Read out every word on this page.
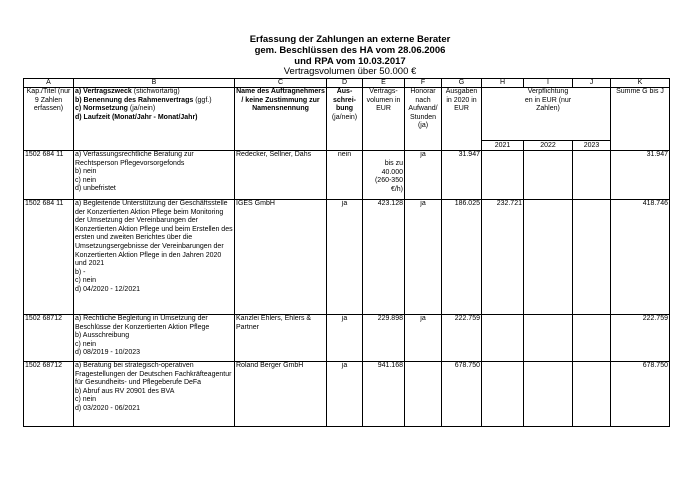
Erfassung der Zahlungen an externe Berater
gem. Beschlüssen des HA vom 28.06.2006
und RPA vom 10.03.2017
Vertragsvolumen über 50.000 €
A	B	C	D	E	F	G	H	I	J	K
Kap./Titel (nur 9 Zahlen erfassen)	a) Vertragszweck (stichwortartig)
b) Benennung des Rahmenvertrags (ggf.)
c) Normsetzung (ja/nein)
d) Laufzeit (Monat/Jahr - Monat/Jahr)	Name des Auftragnehmers / keine Zustimmung zur Namensnennung	Aus-schrei-bung
(ja/nein)	Vertrags-volumen in EUR	Honorar nach Aufwand/ Stunden
(ja)	Ausgaben in 2020 in EUR		Verpflichtung en in EUR (nur Zahlen)		Summe G bis J
							2021	2022	2023	
1502 684 11	a) Verfassungsrechtliche Beratung zur Rechtsperson Pflegevorsorgefonds
b) nein
c) nein
d) unbefristet	Redecker, Sellner, Dahs	nein	bis zu 40.000 (260-350 €/h)	ja	31.947				31.947
1502 684 11	a) Begleitende Unterstützung der Geschäftsstelle der Konzertierten Aktion Pflege beim Monitoring der Umsetzung der Vereinbarungen der Konzertierten Aktion Pflege und beim Erstellen des ersten und zweiten Berichtes über die Umsetzungsergebnisse der Vereinbarungen der Konzertierten Aktion Pflege in den Jahren 2020 und 2021
b) -
c) nein
d) 04/2020 - 12/2021	IGES GmbH	ja	423.128	ja	186.025	232.721			418.746
1502 68712	a) Rechtliche Begleitung in Umsetzung der Beschlüsse der Konzertierten Aktion Pflege
b) Ausschreibung
c) nein
d) 08/2019 - 10/2023	Kanzlei Ehlers, Ehlers & Partner	ja	229.898	ja	222.759				222.759
1502 68712	a) Beratung bei strategisch-operativen Fragestellungen der Deutschen Fachkräfteagentur für Gesundheits- und Pflegeberufe DeFa
b) Abruf aus RV 20901 des BVA
c) nein
d) 03/2020 - 06/2021	Roland Berger GmbH	ja	941.168		678.750				678.750
